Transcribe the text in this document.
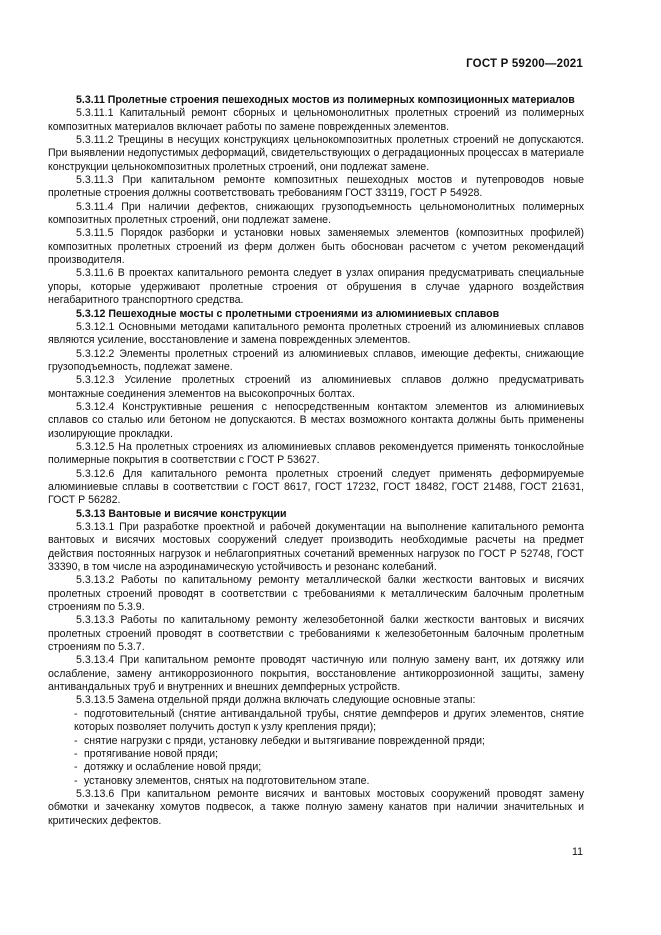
ГОСТ Р 59200—2021

5.3.11 Пролетные строения пешеходных мостов из полимерных композиционных материалов

5.3.11.1 Капитальный ремонт сборных и цельномонолитных пролетных строений из полимерных композитных материалов включает работы по замене поврежденных элементов.

5.3.11.2 Трещины в несущих конструкциях цельнокомпозитных пролетных строений не допускаются. При выявлении недопустимых деформаций, свидетельствующих о деградационных процессах в материале конструкции цельнокомпозитных пролетных строений, они подлежат замене.

5.3.11.3 При капитальном ремонте композитных пешеходных мостов и путепроводов новые пролетные строения должны соответствовать требованиям ГОСТ 33119, ГОСТ Р 54928.

5.3.11.4 При наличии дефектов, снижающих грузоподъемность цельномонолитных полимерных композитных пролетных строений, они подлежат замене.

5.3.11.5 Порядок разборки и установки новых заменяемых элементов (композитных профилей) композитных пролетных строений из ферм должен быть обоснован расчетом с учетом рекомендаций производителя.

5.3.11.6 В проектах капитального ремонта следует в узлах опирания предусматривать специальные упоры, которые удерживают пролетные строения от обрушения в случае ударного воздействия негабаритного транспортного средства.

5.3.12 Пешеходные мосты с пролетными строениями из алюминиевых сплавов

5.3.12.1 Основными методами капитального ремонта пролетных строений из алюминиевых сплавов являются усиление, восстановление и замена поврежденных элементов.

5.3.12.2 Элементы пролетных строений из алюминиевых сплавов, имеющие дефекты, снижающие грузоподъемность, подлежат замене.

5.3.12.3 Усиление пролетных строений из алюминиевых сплавов должно предусматривать монтажные соединения элементов на высокопрочных болтах.

5.3.12.4 Конструктивные решения с непосредственным контактом элементов из алюминиевых сплавов со сталью или бетоном не допускаются. В местах возможного контакта должны быть применены изолирующие прокладки.

5.3.12.5 На пролетных строениях из алюминиевых сплавов рекомендуется применять тонкослойные полимерные покрытия в соответствии с ГОСТ Р 53627.

5.3.12.6 Для капитального ремонта пролетных строений следует применять деформируемые алюминиевые сплавы в соответствии с ГОСТ 8617, ГОСТ 17232, ГОСТ 18482, ГОСТ 21488, ГОСТ 21631, ГОСТ Р 56282.

5.3.13 Вантовые и висячие конструкции

5.3.13.1 При разработке проектной и рабочей документации на выполнение капитального ремонта вантовых и висячих мостовых сооружений следует производить необходимые расчеты на предмет действия постоянных нагрузок и неблагоприятных сочетаний временных нагрузок по ГОСТ Р 52748, ГОСТ 33390, в том числе на аэродинамическую устойчивость и резонанс колебаний.

5.3.13.2 Работы по капитальному ремонту металлической балки жесткости вантовых и висячих пролетных строений проводят в соответствии с требованиями к металлическим балочным пролетным строениям по 5.3.9.

5.3.13.3 Работы по капитальному ремонту железобетонной балки жесткости вантовых и висячих пролетных строений проводят в соответствии с требованиями к железобетонным балочным пролетным строениям по 5.3.7.

5.3.13.4 При капитальном ремонте проводят частичную или полную замену вант, их дотяжку или ослабление, замену антикоррозионного покрытия, восстановление антикоррозионной защиты, замену антивандальных труб и внутренних и внешних демпферных устройств.

5.3.13.5 Замена отдельной пряди должна включать следующие основные этапы:

- подготовительный (снятие антивандальной трубы, снятие демпферов и других элементов, снятие которых позволяет получить доступ к узлу крепления пряди);

- снятие нагрузки с пряди, установку лебедки и вытягивание поврежденной пряди;

- протягивание новой пряди;

- дотяжку и ослабление новой пряди;

- установку элементов, снятых на подготовительном этапе.

5.3.13.6 При капитальном ремонте висячих и вантовых мостовых сооружений проводят замену обмотки и зачеканку хомутов подвесок, а также полную замену канатов при наличии значительных и критических дефектов.

11
